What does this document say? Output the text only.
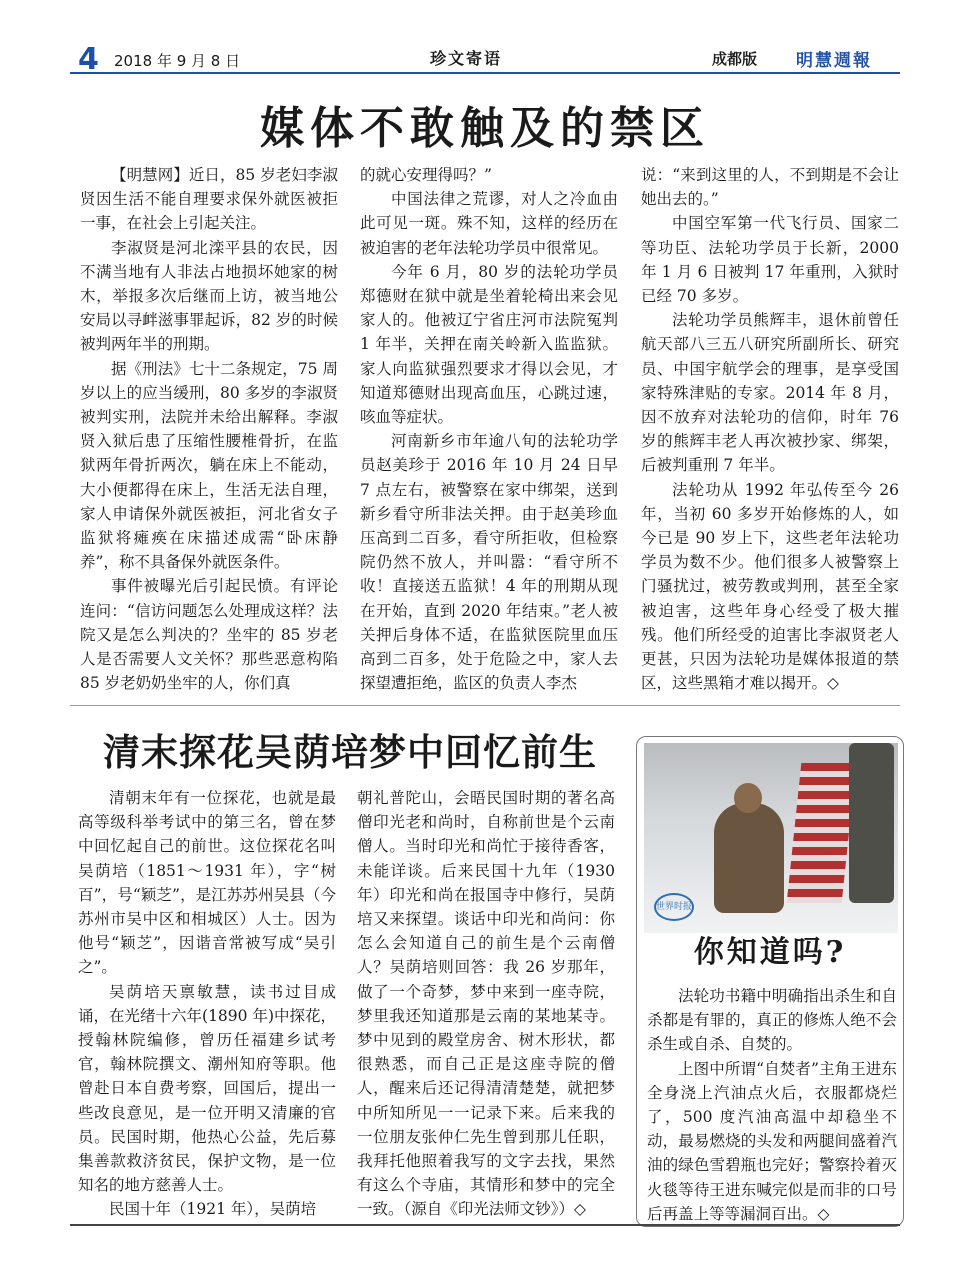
4 2018 年 9 月 8 日	珍文寄语	成都版 明慧週報
媒体不敢触及的禁区

【明慧网】近日，85 岁老妇李淑贤因生活不能自理要求保外就医被拒一事，在社会上引起关注。

李淑贤是河北滦平县的农民，因不满当地有人非法占地损坏她家的树木，举报多次后继而上访，被当地公安局以寻衅滋事罪起诉，82 岁的时候被判两年半的刑期。

据《刑法》七十二条规定，75 周岁以上的应当缓刑，80 多岁的李淑贤被判实刑，法院并未给出解释。李淑贤入狱后患了压缩性腰椎骨折，在监狱两年骨折两次，躺在床上不能动，大小便都得在床上，生活无法自理，家人申请保外就医被拒，河北省女子监狱将瘫痪在床描述成需“卧床静养”，称不具备保外就医条件。

事件被曝光后引起民愤。有评论连问：“信访问题怎么处理成这样？法院又是怎么判决的？坐牢的 85 岁老人是否需要人文关怀？那些恶意构陷 85 岁老奶奶坐牢的人，你们真

的就心安理得吗？”

中国法律之荒谬，对人之冷血由此可见一斑。殊不知，这样的经历在被迫害的老年法轮功学员中很常见。

今年 6 月，80 岁的法轮功学员郑德财在狱中就是坐着轮椅出来会见家人的。他被辽宁省庄河市法院冤判 1 年半，关押在南关岭新入监监狱。家人向监狱强烈要求才得以会见，才知道郑德财出现高血压，心跳过速，咳血等症状。

河南新乡市年逾八旬的法轮功学员赵美珍于 2016 年 10 月 24 日早 7 点左右，被警察在家中绑架，送到新乡看守所非法关押。由于赵美珍血压高到二百多，看守所拒收，但检察院仍然不放人，并叫嚣：“看守所不收！直接送五监狱！4 年的刑期从现在开始，直到 2020 年结束。”老人被关押后身体不适，在监狱医院里血压高到二百多，处于危险之中，家人去探望遭拒绝，监区的负责人李杰

说：“来到这里的人，不到期是不会让她出去的。”

中国空军第一代飞行员、国家二等功臣、法轮功学员于长新，2000 年 1 月 6 日被判 17 年重刑，入狱时已经 70 多岁。

法轮功学员熊辉丰，退休前曾任航天部八三五八研究所副所长、研究员、中国宇航学会的理事，是享受国家特殊津贴的专家。2014 年 8 月，因不放弃对法轮功的信仰，时年 76 岁的熊辉丰老人再次被抄家、绑架，后被判重刑 7 年半。

法轮功从 1992 年弘传至今 26 年，当初 60 多岁开始修炼的人，如今已是 90 岁上下，这些老年法轮功学员为数不少。他们很多人被警察上门骚扰过，被劳教或判刑，甚至全家被迫害，这些年身心经受了极大摧残。他们所经受的迫害比李淑贤老人更甚，只因为法轮功是媒体报道的禁区，这些黑箱才难以揭开。◇

清末探花吴荫培梦中回忆前生

清朝末年有一位探花，也就是最高等级科举考试中的第三名，曾在梦中回忆起自己的前世。这位探花名叫吴荫培（1851～1931 年），字“树百”，号“颖芝”，是江苏苏州吴县（今苏州市吴中区和相城区）人士。因为他号“颖芝”，因谐音常被写成“吴引之”。

吴荫培天禀敏慧，读书过目成诵，在光绪十六年(1890 年)中探花，授翰林院编修，曾历任福建乡试考官，翰林院撰文、潮州知府等职。他曾赴日本自费考察，回国后，提出一些改良意见，是一位开明又清廉的官员。民国时期，他热心公益，先后募集善款救济贫民，保护文物，是一位知名的地方慈善人士。

民国十年（1921 年），吴荫培

朝礼普陀山，会晤民国时期的著名高僧印光老和尚时，自称前世是个云南僧人。当时印光和尚忙于接待香客，未能详谈。后来民国十九年（1930 年）印光和尚在报国寺中修行，吴荫培又来探望。谈话中印光和尚问：你怎么会知道自己的前生是个云南僧人？吴荫培则回答：我 26 岁那年，做了一个奇梦，梦中来到一座寺院，梦里我还知道那是云南的某地某寺。梦中见到的殿堂房舍、树木形状，都很熟悉，而自己正是这座寺院的僧人，醒来后还记得清清楚楚，就把梦中所知所见一一记录下来。后来我的一位朋友张仲仁先生曾到那儿任职，我拜托他照着我写的文字去找，果然有这么个寺庙，其情形和梦中的完全一致。（源自《印光法师文钞》）◇

世界时报
你知道吗?

法轮功书籍中明确指出杀生和自杀都是有罪的，真正的修炼人绝不会杀生或自杀、自焚的。

上图中所谓“自焚者”主角王进东全身浇上汽油点火后，衣服都烧烂了，500 度汽油高温中却稳坐不动，最易燃烧的头发和两腿间盛着汽油的绿色雪碧瓶也完好；警察拎着灭火毯等待王进东喊完似是而非的口号后再盖上等等漏洞百出。◇
